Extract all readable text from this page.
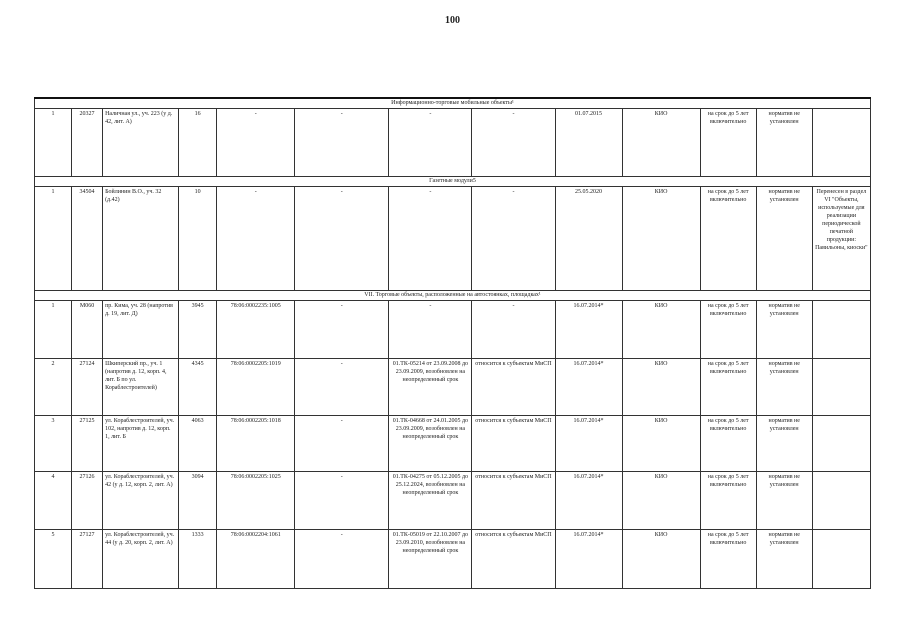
100
Информационно-торговые мобильные объекты¹												
1	20327	Наличная ул., уч. 223 (у д. 42, лит. А)	16	-	-	-	-	01.07.2015	КИО	на срок до 5 лет включительно	норматив не установлен	
Газетные модули5												
1	34504	Бойлинин В.О., уч. 32 (д.42)	10	-	-	-	-	25.05.2020	КИО	на срок до 5 лет включительно	норматив не установлен	Перенесен в раздел VI "Объекты, используемые для реализации периодической печатной продукции: Павильоны, киоски"
VII. Торговые объекты, расположенные на автостоянках, площадках¹												
1	М060	пр. Кима, уч. 28 (напротив д. 19, лит. Д)	3945	78:06:0002235:1005	-	-	-	16.07.2014*	КИО	на срок до 5 лет включительно	норматив не установлен	
2	27124	Шкиперский пр., уч. 1 (напротив д. 12, корп. 4, лит. Б по ул. Кораблестроителей)	4345	78:06:0002205:1019	-	01.ТК-05214 от 23.09.2008 до 23.09.2009, возобновлен на неопределенный срок	относится к субъектам МиСП	16.07.2014*	КИО	на срок до 5 лет включительно	норматив не установлен	
3	27125	ул. Кораблестроителей, уч. 102, напротив д. 12, корп. 1, лит. Б	4063	78:06:0002205:1018	-	01.ТК-04668 от 24.01.2005 до 23.09.2009, возобновлен на неопределенный срок	относится к субъектам МиСП	16.07.2014*	КИО	на срок до 5 лет включительно	норматив не установлен	
4	27126	ул. Кораблестроителей, уч. 42 (у д. 12, корп. 2, лит. А)	3094	78:06:0002205:1025	-	01.ТК-04275 от 05.12.2005 до 25.12.2024, возобновлен на неопределенный срок	относится к субъектам МиСП	16.07.2014*	КИО	на срок до 5 лет включительно	норматив не установлен	
5	27127	ул. Кораблестроителей, уч. 44 (у д. 20, корп. 2, лит. А)	1333	78:06:0002204:1061	-	01.ТК-05019 от 22.10.2007 до 23.09.2010, возобновлен на неопределенный срок	относится к субъектам МиСП	16.07.2014*	КИО	на срок до 5 лет включительно	норматив не установлен	
